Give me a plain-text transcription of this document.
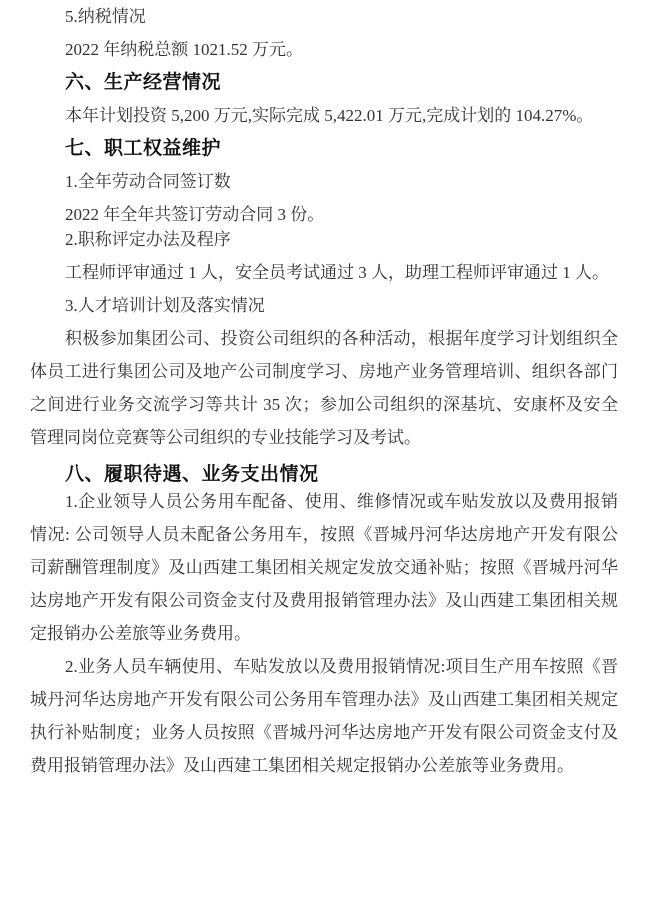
5.纳税情况
2022 年纳税总额 1021.52 万元。
六、生产经营情况
本年计划投资 5,200 万元,实际完成 5,422.01 万元,完成计划的 104.27%。
七、职工权益维护
1.全年劳动合同签订数
2022 年全年共签订劳动合同 3 份。
2.职称评定办法及程序
工程师评审通过 1 人，安全员考试通过 3 人，助理工程师评审通过 1 人。
3.人才培训计划及落实情况
积极参加集团公司、投资公司组织的各种活动，根据年度学习计划组织全
体员工进行集团公司及地产公司制度学习、房地产业务管理培训、组织各部门
之间进行业务交流学习等共计 35 次；参加公司组织的深基坑、安康杯及安全
管理同岗位竞赛等公司组织的专业技能学习及考试。
八、履职待遇、业务支出情况
1.企业领导人员公务用车配备、使用、维修情况或车贴发放以及费用报销
情况: 公司领导人员未配备公务用车，按照《晋城丹河华达房地产开发有限公
司薪酬管理制度》及山西建工集团相关规定发放交通补贴；按照《晋城丹河华
达房地产开发有限公司资金支付及费用报销管理办法》及山西建工集团相关规
定报销办公差旅等业务费用。
2.业务人员车辆使用、车贴发放以及费用报销情况:项目生产用车按照《晋
城丹河华达房地产开发有限公司公务用车管理办法》及山西建工集团相关规定
执行补贴制度；业务人员按照《晋城丹河华达房地产开发有限公司资金支付及
费用报销管理办法》及山西建工集团相关规定报销办公差旅等业务费用。
